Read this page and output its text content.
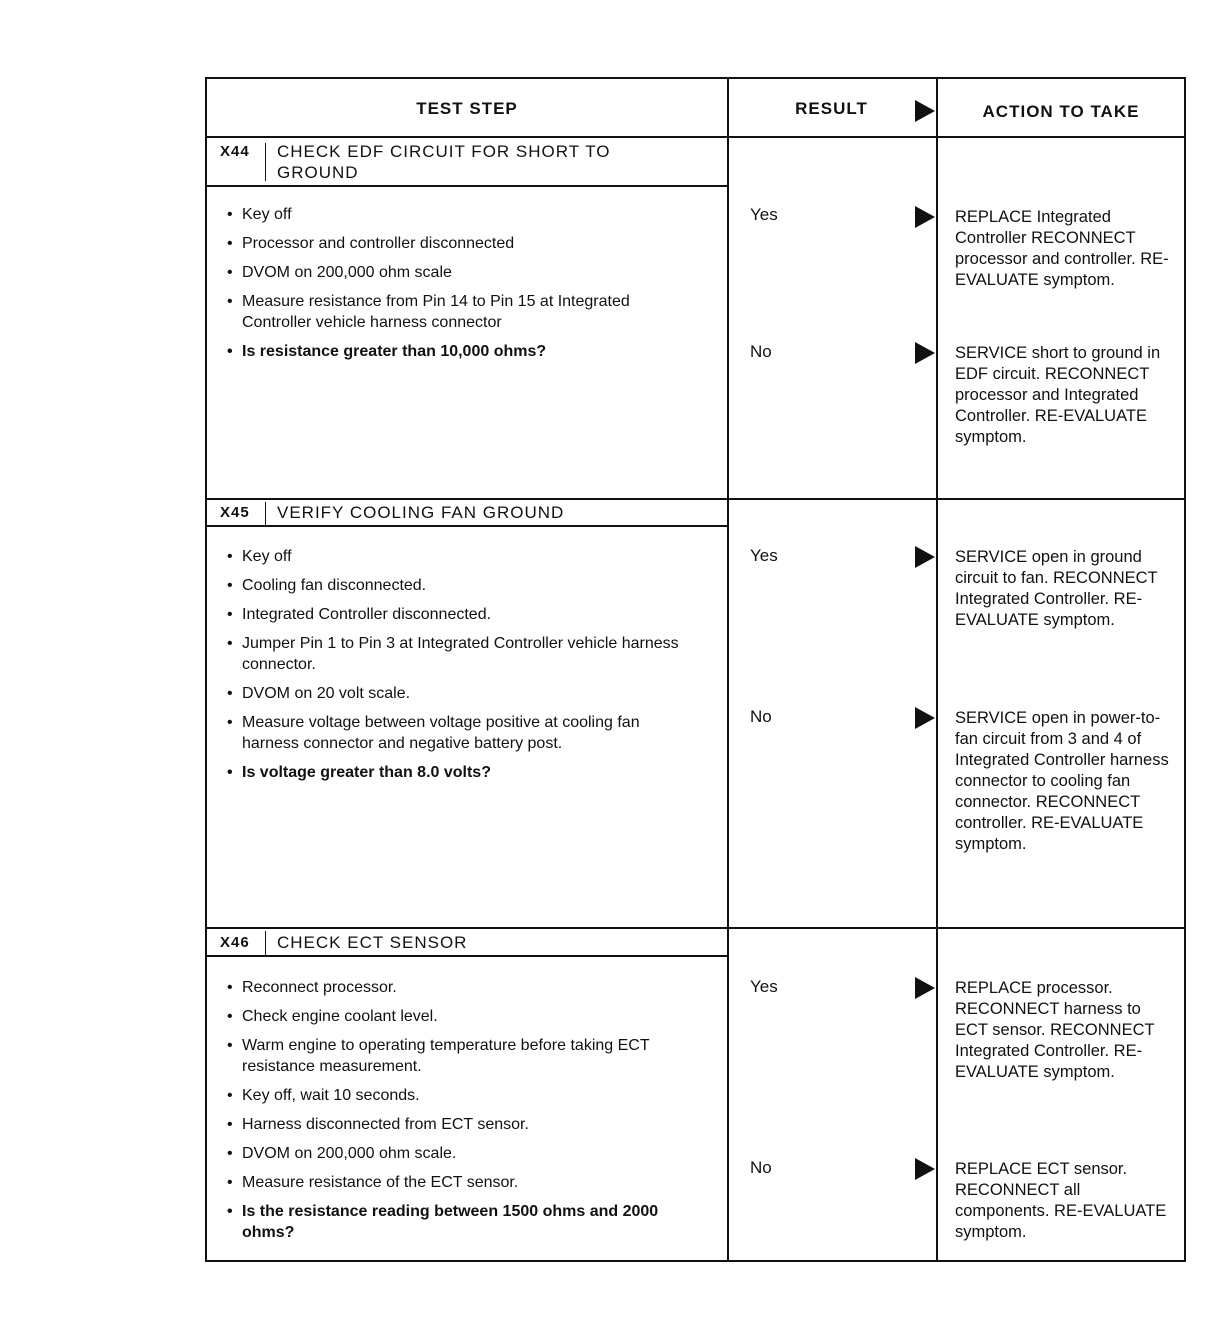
TEST STEP	RESULT	ACTION TO TAKE
X44 CHECK EDF CIRCUIT FOR SHORT TO
GROUND
• Key off
• Processor and controller disconnected
• DVOM on 200,000 ohm scale
• Measure resistance from Pin 14 to Pin 15 at Integrated Controller vehicle harness connector
• Is resistance greater than 10,000 ohms?
Yes	REPLACE Integrated Controller RECONNECT processor and controller. RE-EVALUATE symptom.
No	SERVICE short to ground in EDF circuit. RECONNECT processor and Integrated Controller. RE-EVALUATE symptom.
X45 VERIFY COOLING FAN GROUND
• Key off
• Cooling fan disconnected.
• Integrated Controller disconnected.
• Jumper Pin 1 to Pin 3 at Integrated Controller vehicle harness connector.
• DVOM on 20 volt scale.
• Measure voltage between voltage positive at cooling fan harness connector and negative battery post.
• Is voltage greater than 8.0 volts?
Yes	SERVICE open in ground circuit to fan. RECONNECT Integrated Controller. RE-EVALUATE symptom.
No	SERVICE open in power-to-fan circuit from 3 and 4 of Integrated Controller harness connector to cooling fan connector. RECONNECT controller. RE-EVALUATE symptom.
X46 CHECK ECT SENSOR
• Reconnect processor.
• Check engine coolant level.
• Warm engine to operating temperature before taking ECT resistance measurement.
• Key off, wait 10 seconds.
• Harness disconnected from ECT sensor.
• DVOM on 200,000 ohm scale.
• Measure resistance of the ECT sensor.
• Is the resistance reading between 1500 ohms and 2000 ohms?
Yes	REPLACE processor. RECONNECT harness to ECT sensor. RECONNECT Integrated Controller. RE-EVALUATE symptom.
No	REPLACE ECT sensor. RECONNECT all components. RE-EVALUATE symptom.
